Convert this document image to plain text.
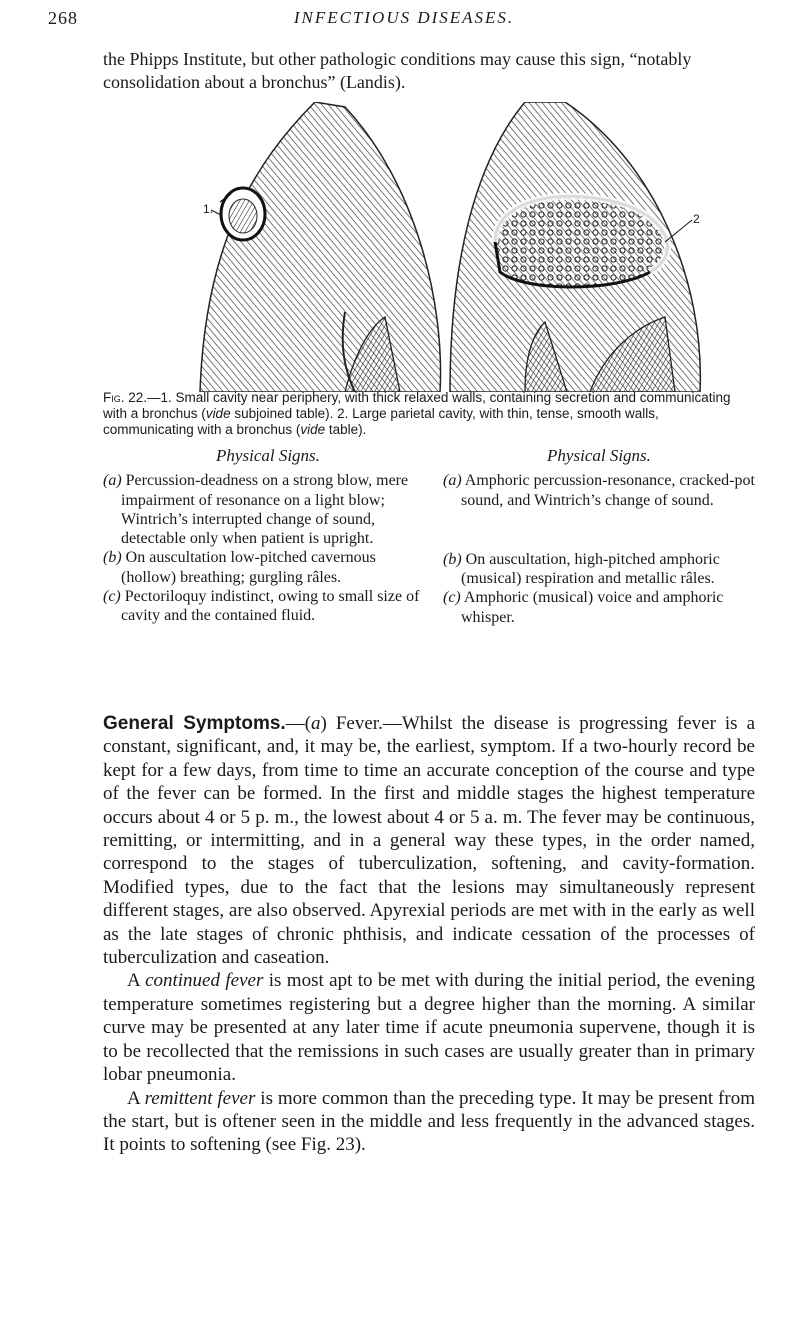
268	INFECTIOUS DISEASES.

the Phipps Institute, but other pathologic conditions may cause this sign, “notably consolidation about a bronchus” (Landis).

1.
2

Fig. 22.—1. Small cavity near periphery, with thick relaxed walls, containing secretion and communicating with a bronchus (vide subjoined table). 2. Large parietal cavity, with thin, tense, smooth walls, communicating with a bronchus (vide table).

Physical Signs.

(a) Percussion-deadness on a strong blow, mere impairment of resonance on a light blow; Wintrich’s interrupted change of sound, detectable only when patient is upright.

(b) On auscultation low-pitched cavernous (hollow) breathing; gurgling râles.

(c) Pectoriloquy indistinct, owing to small size of cavity and the contained fluid.

Physical Signs.

(a) Amphoric percussion-resonance, cracked-pot sound, and Wintrich’s change of sound.

(b) On auscultation, high-pitched amphoric (musical) respiration and metallic râles.

(c) Amphoric (musical) voice and amphoric whisper.

General Symptoms.—(a) Fever.—Whilst the disease is progressing fever is a constant, significant, and, it may be, the earliest, symptom. If a two-hourly record be kept for a few days, from time to time an accurate conception of the course and type of the fever can be formed. In the first and middle stages the highest temperature occurs about 4 or 5 p. m., the lowest about 4 or 5 a. m. The fever may be continuous, remitting, or intermitting, and in a general way these types, in the order named, correspond to the stages of tuberculization, softening, and cavity-formation. Modified types, due to the fact that the lesions may simultaneously represent different stages, are also observed. Apyrexial periods are met with in the early as well as the late stages of chronic phthisis, and indicate cessation of the processes of tuberculization and caseation.

A continued fever is most apt to be met with during the initial period, the evening temperature sometimes registering but a degree higher than the morning. A similar curve may be presented at any later time if acute pneumonia supervene, though it is to be recollected that the remissions in such cases are usually greater than in primary lobar pneumonia.

A remittent fever is more common than the preceding type. It may be present from the start, but is oftener seen in the middle and less frequently in the advanced stages. It points to softening (see Fig. 23).
